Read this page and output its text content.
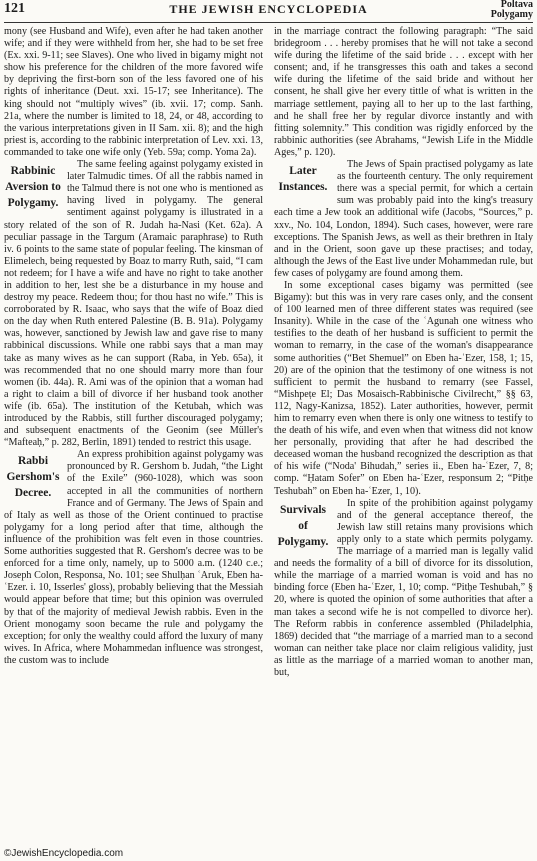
121	THE JEWISH ENCYCLOPEDIA	Poltava
Polygamy

mony (see Husband and Wife), even after he had taken another wife; and if they were withheld from her, she had to be set free (Ex. xxi. 9-11; see Slaves). One who lived in bigamy might not show his preference for the children of the more favored wife by depriving the first-born son of the less favored one of his rights of inheritance (Deut. xxi. 15-17; see Inheritance). The king should not “multiply wives” (ib. xvii. 17; comp. Sanh. 21a, where the number is limited to 18, 24, or 48, according to the various interpretations given in II Sam. xii. 8); and the high priest is, according to the rabbinic interpretation of Lev. xxi. 13, commanded to take one wife only (Yeb. 59a; comp. Yoma 2a).

Rabbinic Aversion to Polygamy.

The same feeling against polygamy existed in later Talmudic times. Of all the rabbis named in the Talmud there is not one who is mentioned as having lived in polygamy. The general sentiment against polygamy is illustrated in a story related of the son of R. Judah ha-Nasi (Ket. 62a). A peculiar passage in the Targum (Aramaic paraphrase) to Ruth iv. 6 points to the same state of popular feeling. The kinsman of Elimelech, being requested by Boaz to marry Ruth, said, “I cam not redeem; for I have a wife and have no right to take another in addition to her, lest she be a disturbance in my house and destroy my peace. Redeem thou; for thou hast no wife.” This is corroborated by R. Isaac, who says that the wife of Boaz died on the day when Ruth entered Palestine (B. B. 91a). Polygamy was, however, sanctioned by Jewish law and gave rise to many rabbinical discussions. While one rabbi says that a man may take as many wives as he can support (Raba, in Yeb. 65a), it was recommended that no one should marry more than four women (ib. 44a). R. Ami was of the opinion that a woman had a right to claim a bill of divorce if her husband took another wife (ib. 65a). The institution of the Ketubah, which was introduced by the Rabbis, still further discouraged polygamy; and subsequent enactments of the Geonim (see Müller's “Mafteaḥ,” p. 282, Berlin, 1891) tended to restrict this usage.

Rabbi Gershom's Decree.

An express prohibition against polygamy was pronounced by R. Gershom b. Judah, “the Light of the Exile” (960-1028), which was soon accepted in all the communities of northern France and of Germany. The Jews of Spain and of Italy as well as those of the Orient continued to practise polygamy for a long period after that time, although the influence of the prohibition was felt even in those countries. Some authorities suggested that R. Gershom's decree was to be enforced for a time only, namely, up to 5000 a.m. (1240 c.e.; Joseph Colon, Responsa, No. 101; see Shulḥan ʿAruk, Eben ha-ʿEzer. i. 10, Isserles' gloss), probably believing that the Messiah would appear before that time; but this opinion was overruled by that of the majority of medieval Jewish rabbis. Even in the Orient monogamy soon became the rule and polygamy the exception; for only the wealthy could afford the luxury of many wives. In Africa, where Mohammedan influence was strongest, the custom was to include

in the marriage contract the following paragraph: “The said bridegroom . . . hereby promises that he will not take a second wife during the lifetime of the said bride . . . except with her consent; and, if he transgresses this oath and takes a second wife during the lifetime of the said bride and without her consent, he shall give her every tittle of what is written in the marriage settlement, paying all to her up to the last farthing, and he shall free her by regular divorce instantly and with fitting solemnity.” This condition was rigidly enforced by the rabbinic authorities (see Abrahams, “Jewish Life in the Middle Ages,” p. 120).

Later Instances.

The Jews of Spain practised polygamy as late as the fourteenth century. The only requirement there was a special permit, for which a certain sum was probably paid into the king's treasury each time a Jew took an additional wife (Jacobs, “Sources,” p. xxv., No. 104, London, 1894). Such cases, however, were rare exceptions. The Spanish Jews, as well as their brethren in Italy and in the Orient, soon gave up these practises; and today, although the Jews of the East live under Mohammedan rule, but few cases of polygamy are found among them.

In some exceptional cases bigamy was permitted (see Bigamy): but this was in very rare cases only, and the consent of 100 learned men of three different states was required (see Insanity). While in the case of the ʿAgunah one witness who testifies to the death of her husband is sufficient to permit the woman to remarry, in the case of the woman's disappearance some authorities (“Bet Shemuel” on Eben ha-ʿEzer, 158, 1; 15, 20) are of the opinion that the testimony of one witness is not sufficient to permit the husband to remarry (see Fassel, “Mishpeṭe El; Das Mosaisch-Rabbinische Civilrecht,” §§ 63, 112, Nagy-Kanizsa, 1852). Later authorities, however, permit him to remarry even when there is only one witness to testify to the death of his wife, and even when that witness did not know her personally, providing that after he had described the deceased woman the husband recognized the description as that of his wife (“Noda' Bihudah,” series ii., Eben ha-ʿEzer, 7, 8; comp. “Ḥatam Sofer” on Eben ha-ʿEzer, responsum 2; “Pitḥe Teshubah” on Eben ha-ʿEzer, 1, 10).

Survivals of Polygamy.

In spite of the prohibition against polygamy and of the general acceptance thereof, the Jewish law still retains many provisions which apply only to a state which permits polygamy. The marriage of a married man is legally valid and needs the formality of a bill of divorce for its dissolution, while the marriage of a married woman is void and has no binding force (Eben ha-ʿEzer, 1, 10; comp. “Pitḥe Teshubah,” § 20, where is quoted the opinion of some authorities that after a man takes a second wife he is not compelled to divorce her). The Reform rabbis in conference assembled (Philadelphia, 1869) decided that “the marriage of a married man to a second woman can neither take place nor claim religious validity, just as little as the marriage of a married woman to another man, but,

©JewishEncyclopedia.com
